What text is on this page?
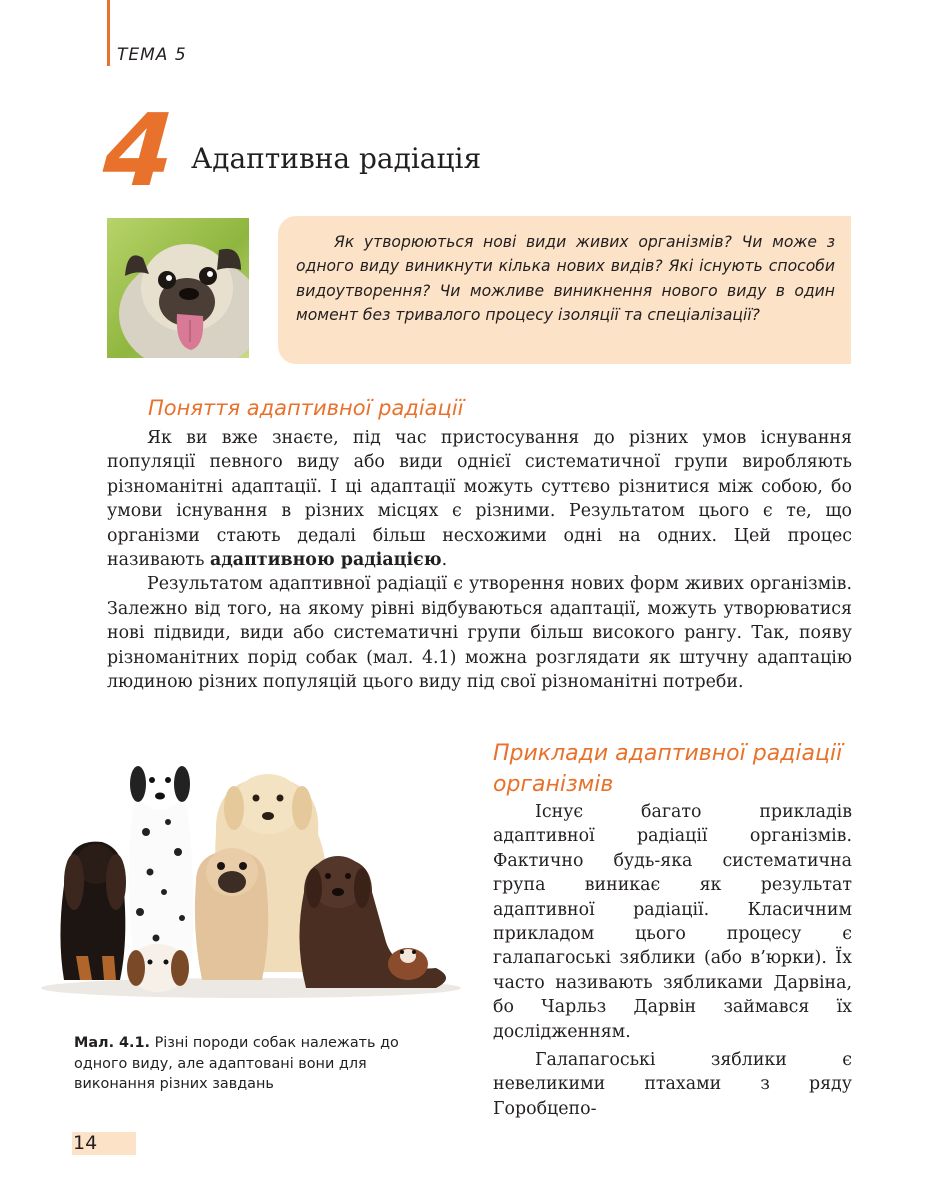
ТЕМА 5
4 Адаптивна радіація

Як утворюються нові види живих організмів? Чи може з одного виду виникнути кілька нових видів? Які існують способи видоутворення? Чи можливе виникнення нового виду в один момент без тривалого процесу ізоляції та спеціалізації?

Поняття адаптивної радіації

Як ви вже знаєте, під час пристосування до різних умов існування популяції певного виду або види однієї систематичної групи виробляють різноманітні адаптації. І ці адаптації можуть суттєво різнитися між собою, бо умови існування в різних місцях є різними. Результатом цього є те, що організми стають дедалі більш несхожими одні на одних. Цей процес називають адаптивною радіацією.

Результатом адаптивної радіації є утворення нових форм живих організмів. Залежно від того, на якому рівні відбуваються адаптації, можуть утворюватися нові підвиди, види або систематичні групи більш високого рангу. Так, появу різноманітних порід собак (мал. 4.1) можна розглядати як штучну адаптацію людиною різних популяцій цього виду під свої різноманітні потреби.

Мал. 4.1. Різні породи собак належать до одного виду, але адаптовані вони для виконання різних завдань
Приклади адаптивної радіації організмів

Існує багато прикладів адаптивної радіації організмів. Фактично будь-яка систематична група виникає як результат адаптивної радіації. Класичним прикладом цього процесу є галапагоські зяблики (або в’юрки). Їх часто називають зябликами Дарвіна, бо Чарльз Дарвін займався їх дослідженням.

Галапагоські зяблики є невеликими птахами з ряду Горобцепо-

14
